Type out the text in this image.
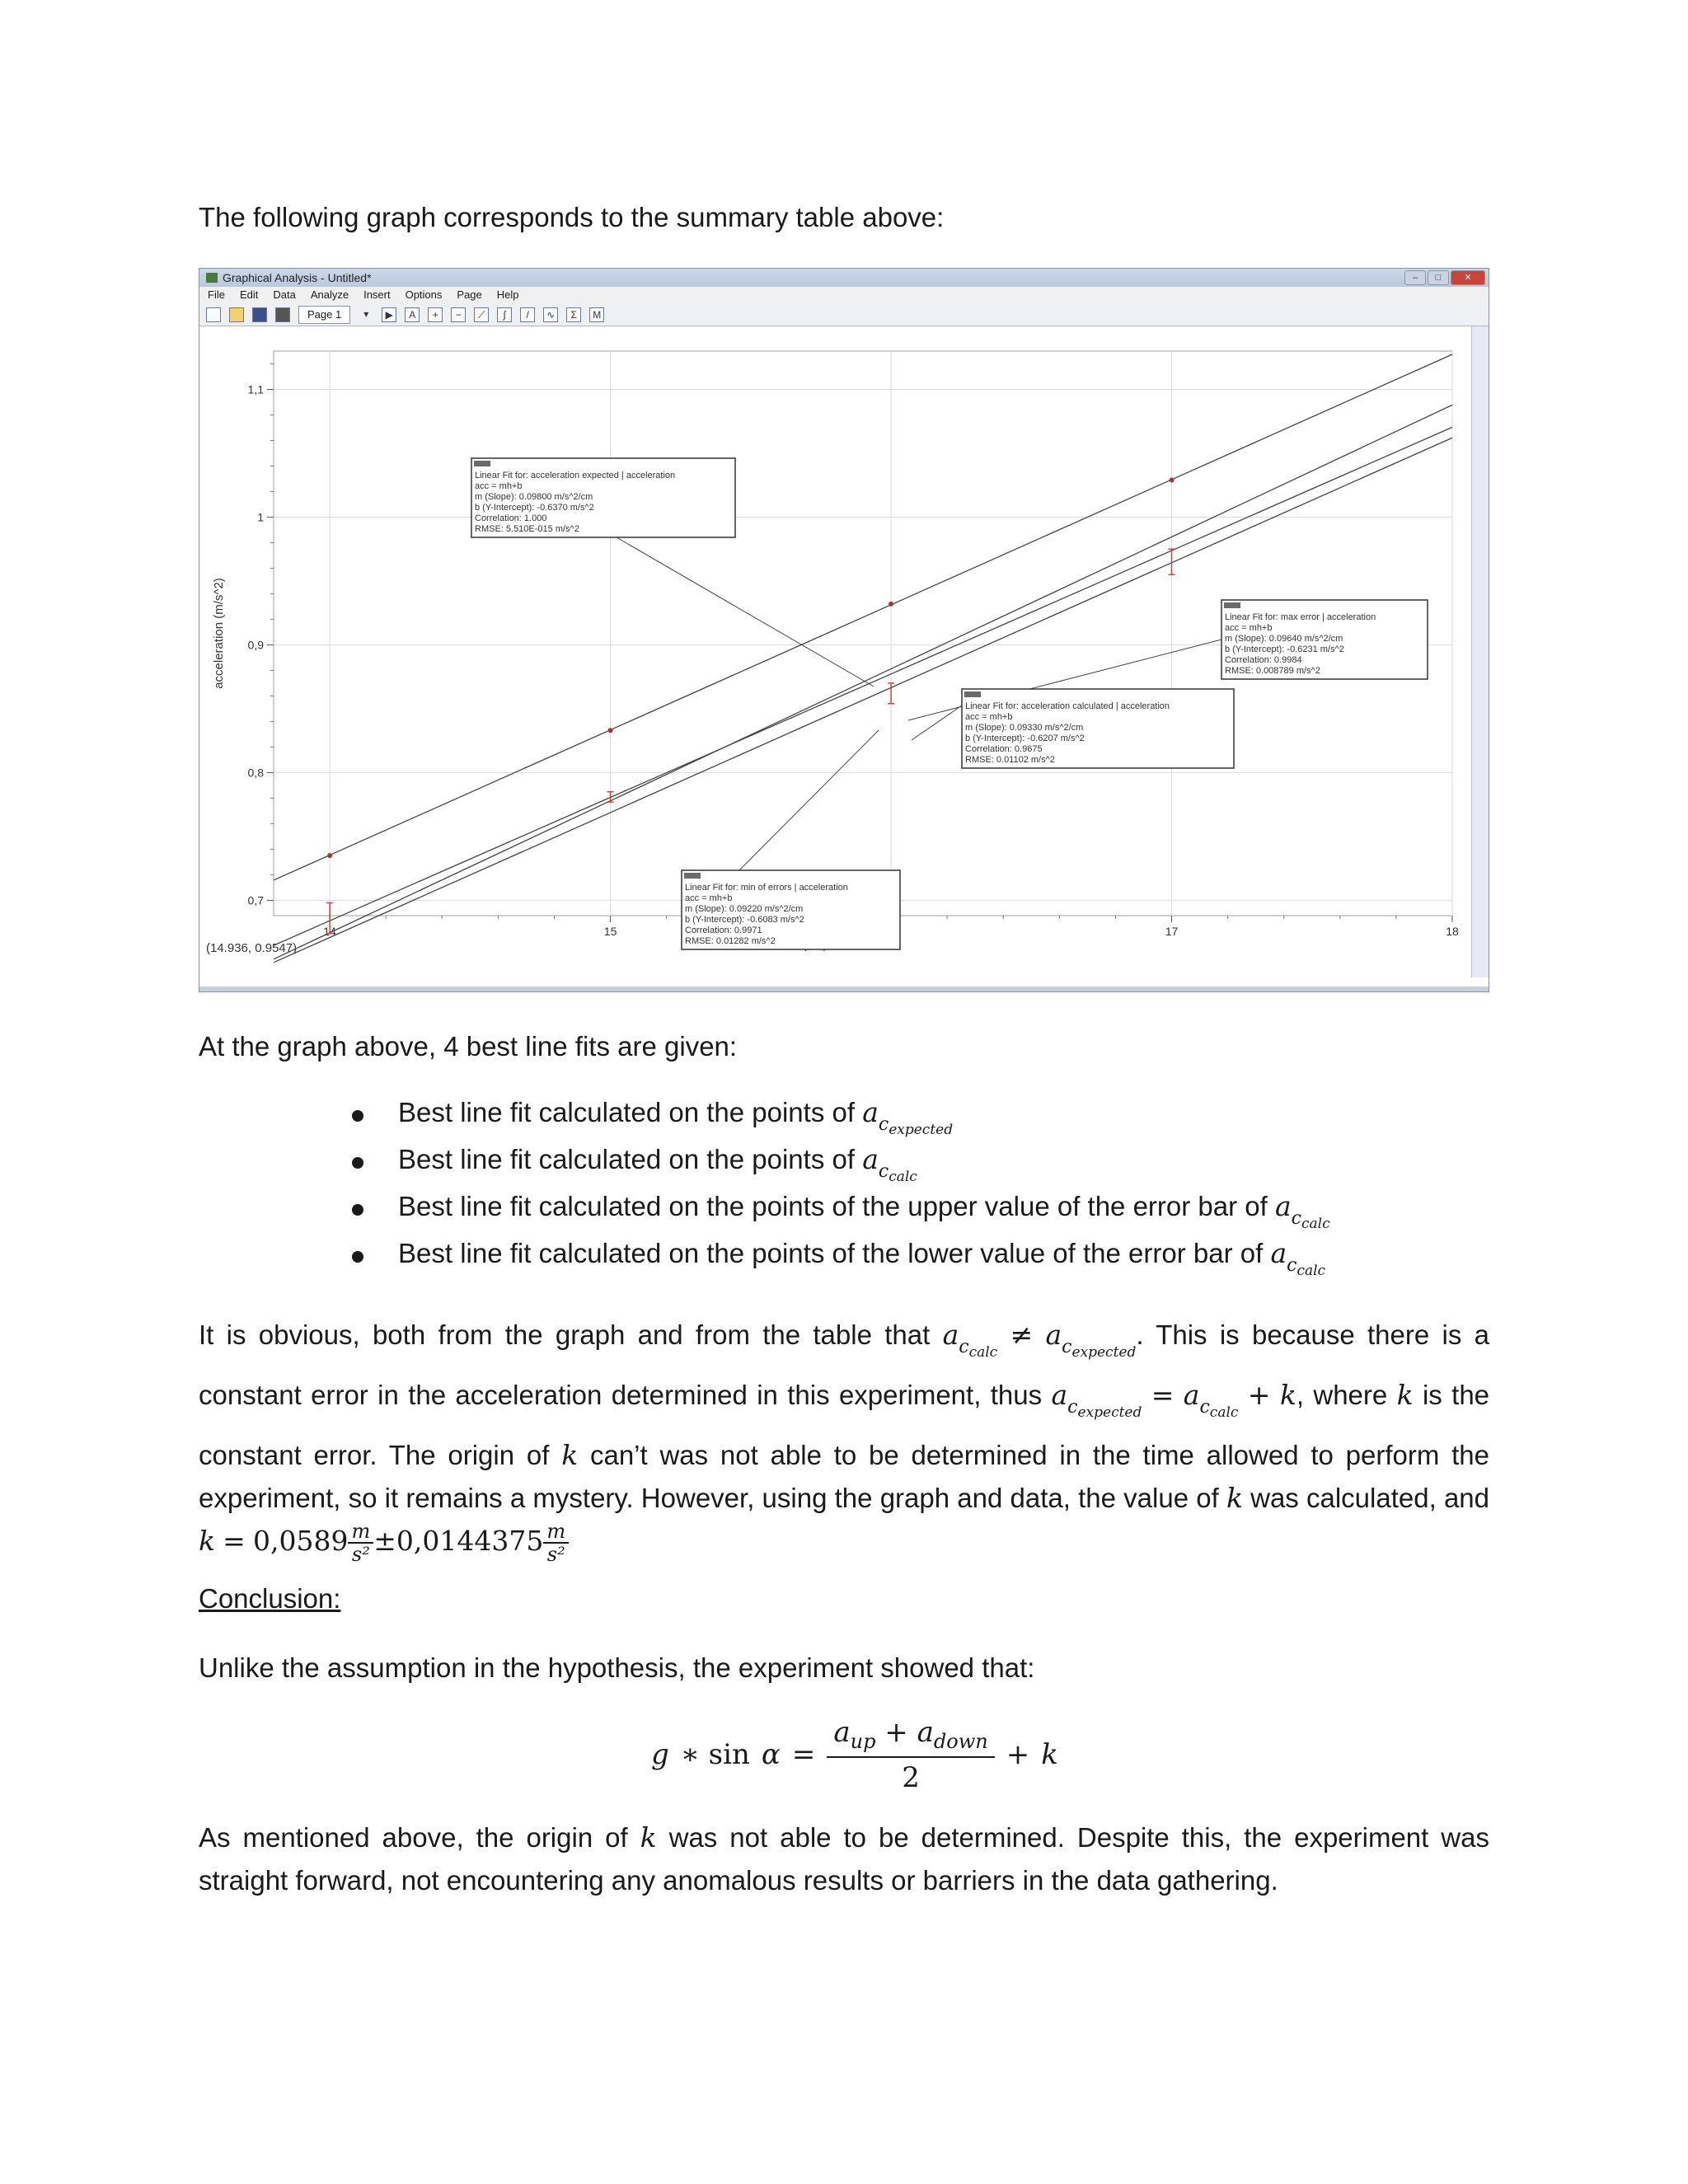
The following graph corresponds to the summary table above:
Graphical Analysis - Untitled*	–	□	✕
File Edit Data Analyze Insert Options Page Help
Page 1	▾	▶	A	+	−	⟋	∫	/	∿	Σ	M
14	15	17	18
0,7
0,8
0,9
1
1,1
acceleration (m/s^2)
(14.936, 0.9547)
Linear Fit for: acceleration expected | acceleration
acc = mh+b
m (Slope): 0.09800 m/s^2/cm
b (Y-Intercept): -0.6370 m/s^2
Correlation: 1.000
RMSE: 5.510E-015 m/s^2
Linear Fit for: max error | acceleration
acc = mh+b
m (Slope): 0.09640 m/s^2/cm
b (Y-Intercept): -0.6231 m/s^2
Correlation: 0.9984
RMSE: 0.008789 m/s^2
Linear Fit for: acceleration calculated | acceleration
acc = mh+b
m (Slope): 0.09330 m/s^2/cm
b (Y-Intercept): -0.6207 m/s^2
Correlation: 0.9675
RMSE: 0.01102 m/s^2
Linear Fit for: min of errors | acceleration
acc = mh+b
m (Slope): 0.09220 m/s^2/cm
b (Y-Intercept): -0.6083 m/s^2
Correlation: 0.9971
RMSE: 0.01282 m/s^2
At the graph above, 4 best line fits are given:
Best line fit calculated on the points of $a_{c_{expected}}$
Best line fit calculated on the points of $a_{c_{calc}}$
Best line fit calculated on the points of the upper value of the error bar of $a_{c_{calc}}$
Best line fit calculated on the points of the lower value of the error bar of $a_{c_{calc}}$
It is obvious, both from the graph and from the table that $a_{c_{calc}} \ne a_{c_{expected}}$. This is because there is a constant error in the acceleration determined in this experiment, thus $a_{c_{expected}} = a_{c_{calc}} + k$, where k is the constant error. The origin of k can’t was not able to be determined in the time allowed to perform the experiment, so it remains a mystery. However, using the graph and data, the value of k was calculated, and $k = 0,0589 \frac{m}{\text{s²}} \pm 0,0144375 \frac{m}{\text{s²}}$
Conclusion:
Unlike the assumption in the hypothesis, the experiment showed that:
g ∗ $\sin \alpha = \frac{a_{up} + a_{down}}{2} + k$
As mentioned above, the origin of k was not able to be determined. Despite this, the experiment was straight forward, not encountering any anomalous results or barriers in the data gathering.
